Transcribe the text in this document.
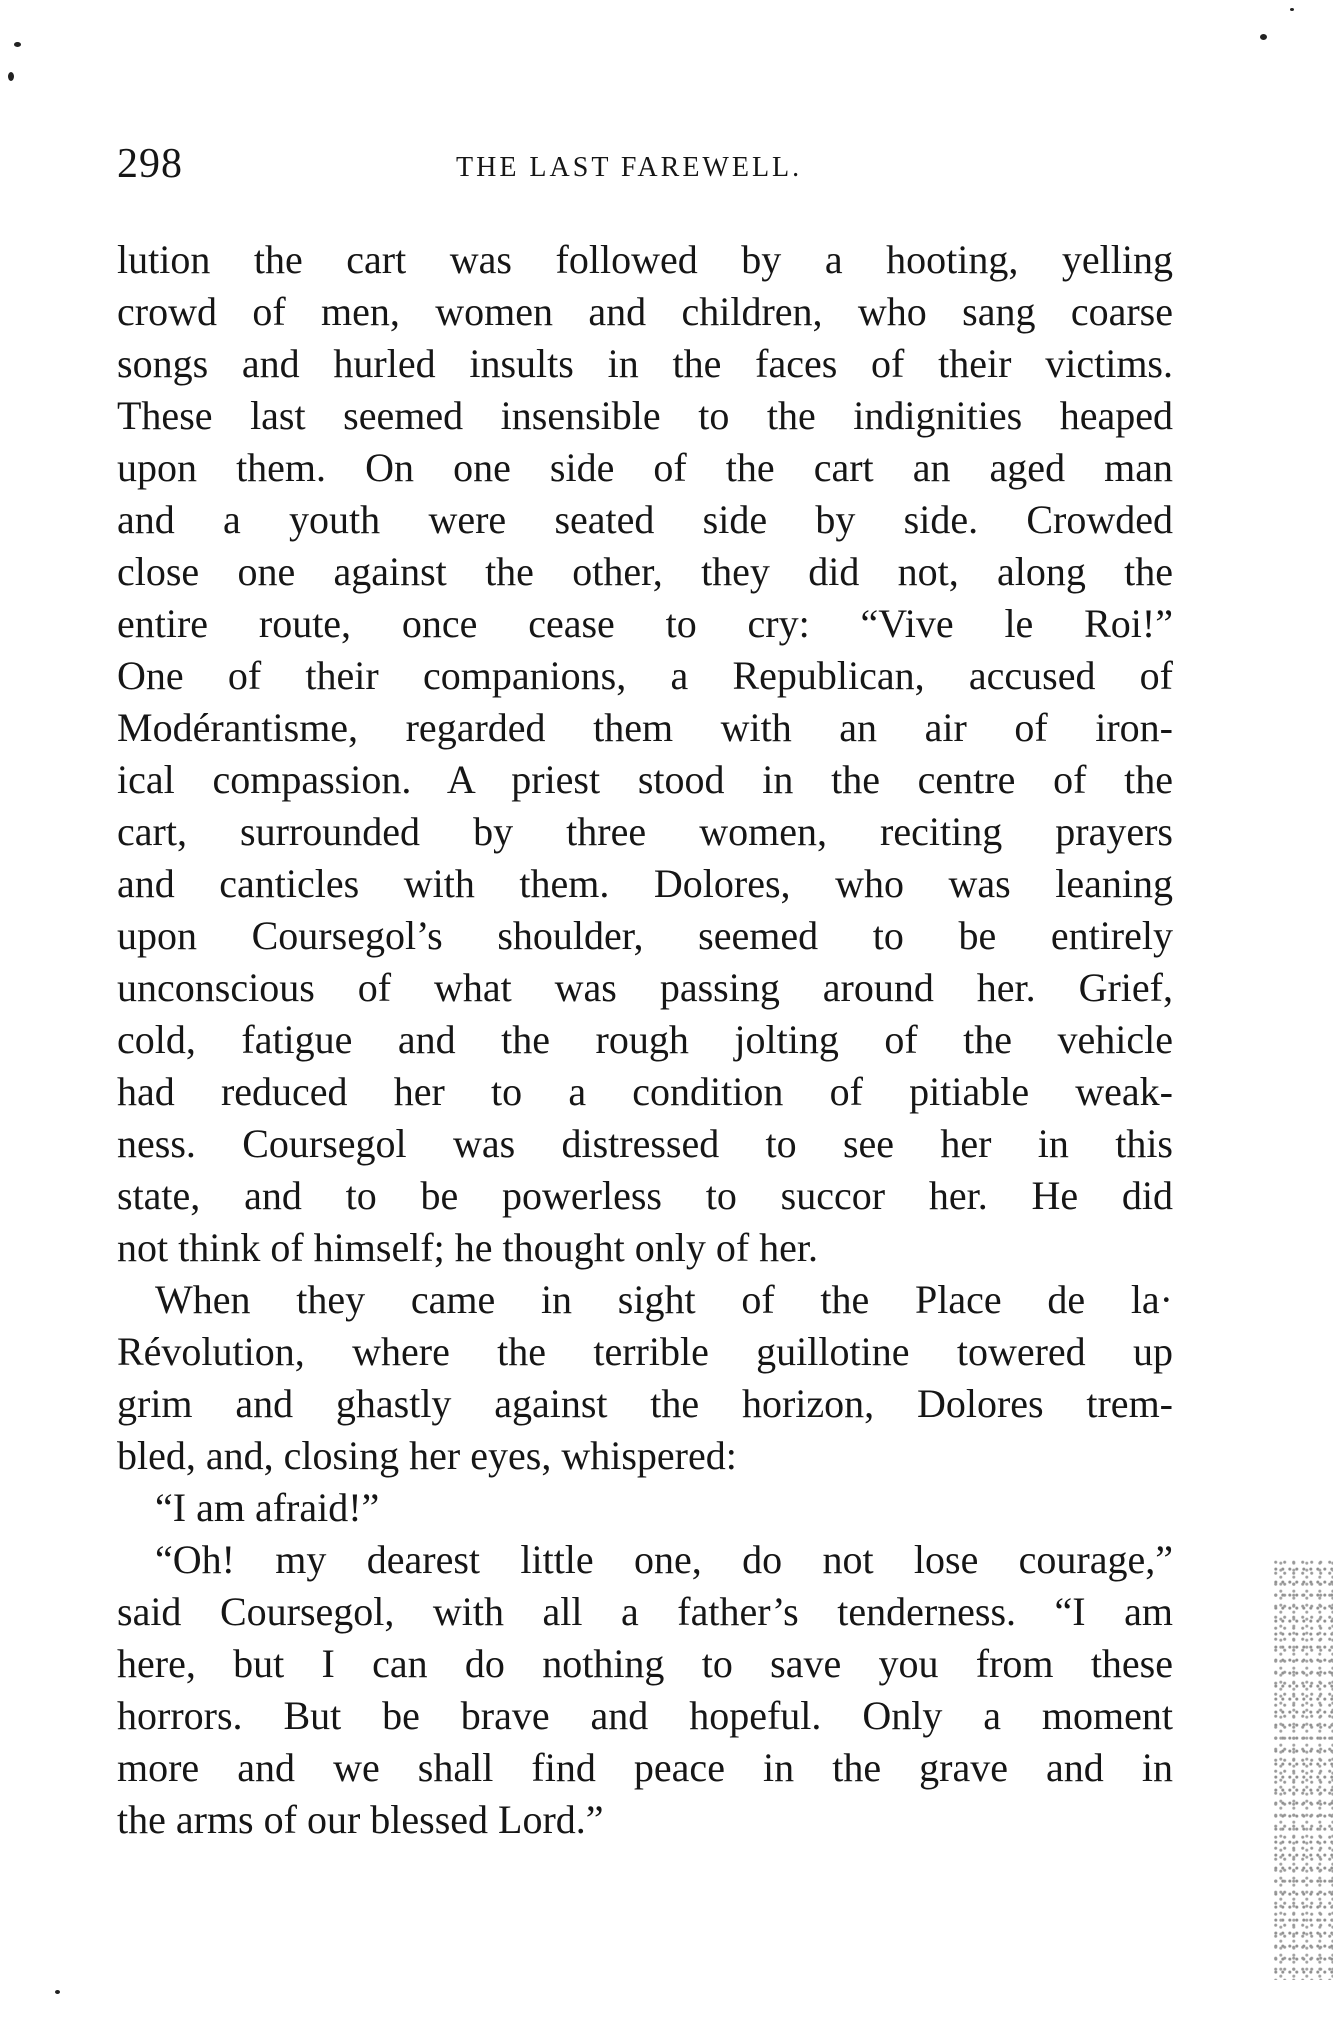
298	THE LAST FAREWELL.
lution the cart was followed by a hooting, yelling
crowd of men, women and children, who sang coarse
songs and hurled insults in the faces of their victims.
These last seemed insensible to the indignities heaped
upon them. On one side of the cart an aged man
and a youth were seated side by side. Crowded
close one against the other, they did not, along the
entire route, once cease to cry: “Vive le Roi!”
One of their companions, a Republican, accused of
Modérantisme, regarded them with an air of iron-
ical compassion. A priest stood in the centre of the
cart, surrounded by three women, reciting prayers
and canticles with them. Dolores, who was leaning
upon Coursegol’s shoulder, seemed to be entirely
unconscious of what was passing around her. Grief,
cold, fatigue and the rough jolting of the vehicle
had reduced her to a condition of pitiable weak-
ness. Coursegol was distressed to see her in this
state, and to be powerless to succor her. He did
not think of himself; he thought only of her.
When they came in sight of the Place de la·
Révolution, where the terrible guillotine towered up
grim and ghastly against the horizon, Dolores trem-
bled, and, closing her eyes, whispered:
“I am afraid!”
“Oh! my dearest little one, do not lose courage,”
said Coursegol, with all a father’s tenderness. “I am
here, but I can do nothing to save you from these
horrors. But be brave and hopeful. Only a moment
more and we shall find peace in the grave and in
the arms of our blessed Lord.”
